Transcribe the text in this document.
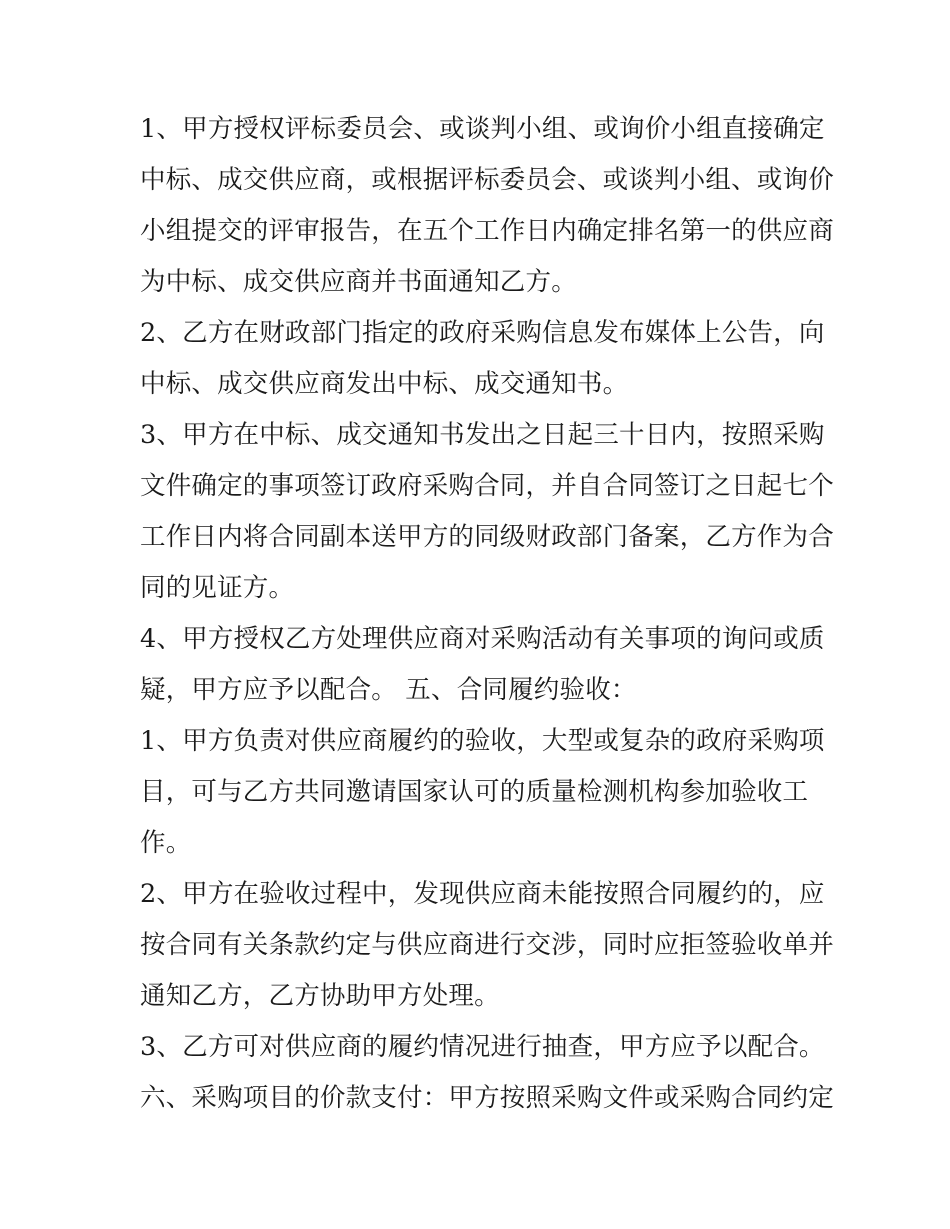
1、甲方授权评标委员会、或谈判小组、或询价小组直接确定
中标、成交供应商，或根据评标委员会、或谈判小组、或询价
小组提交的评审报告，在五个工作日内确定排名第一的供应商
为中标、成交供应商并书面通知乙方。
2、乙方在财政部门指定的政府采购信息发布媒体上公告，向
中标、成交供应商发出中标、成交通知书。
3、甲方在中标、成交通知书发出之日起三十日内，按照采购
文件确定的事项签订政府采购合同，并自合同签订之日起七个
工作日内将合同副本送甲方的同级财政部门备案，乙方作为合
同的见证方。
4、甲方授权乙方处理供应商对采购活动有关事项的询问或质
疑，甲方应予以配合。 五、合同履约验收：
1、甲方负责对供应商履约的验收，大型或复杂的政府采购项
目，可与乙方共同邀请国家认可的质量检测机构参加验收工
作。
2、甲方在验收过程中，发现供应商未能按照合同履约的，应
按合同有关条款约定与供应商进行交涉，同时应拒签验收单并
通知乙方，乙方协助甲方处理。
3、乙方可对供应商的履约情况进行抽查，甲方应予以配合。
六、采购项目的价款支付：甲方按照采购文件或采购合同约定
